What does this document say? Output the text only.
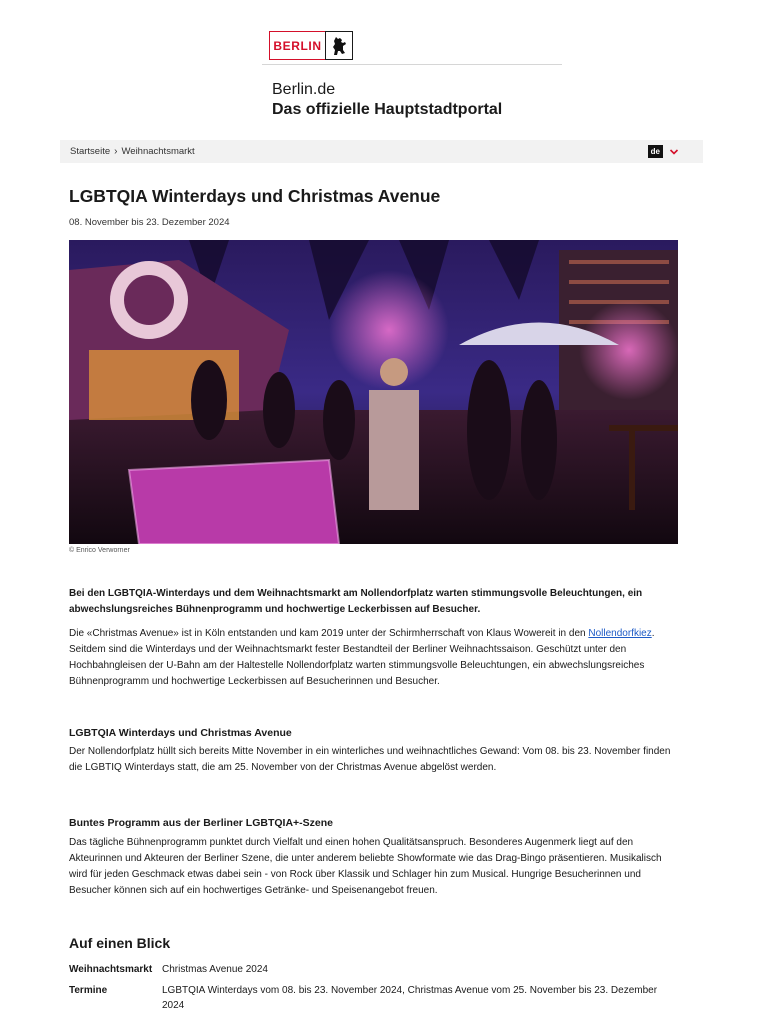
BERLIN
Berlin.de
Das offizielle Hauptstadtportal
Startseite › Weihnachtsmarkt	de
LGBTQIA Winterdays und Christmas Avenue
08. November bis 23. Dezember 2024
© Enrico Verworner

Bei den LGBTQIA-Winterdays und dem Weihnachtsmarkt am Nollendorfplatz warten stimmungsvolle Beleuchtungen, ein abwechslungsreiches Bühnenprogramm und hochwertige Leckerbissen auf Besucher.

Die «Christmas Avenue» ist in Köln entstanden und kam 2019 unter der Schirmherrschaft von Klaus Wowereit in den Nollendorfkiez. Seitdem sind die Winterdays und der Weihnachtsmarkt fester Bestandteil der Berliner Weihnachtssaison. Geschützt unter den Hochbahngleisen der U-Bahn am der Haltestelle Nollendorfplatz warten stimmungsvolle Beleuchtungen, ein abwechslungsreiches Bühnenprogramm und hochwertige Leckerbissen auf Besucherinnen und Besucher.

LGBTQIA Winterdays und Christmas Avenue

Der Nollendorfplatz hüllt sich bereits Mitte November in ein winterliches und weihnachtliches Gewand: Vom 08. bis 23. November finden die LGBTIQ Winterdays statt, die am 25. November von der Christmas Avenue abgelöst werden.

Buntes Programm aus der Berliner LGBTQIA+-Szene

Das tägliche Bühnenprogramm punktet durch Vielfalt und einen hohen Qualitätsanspruch. Besonderes Augenmerk liegt auf den Akteurinnen und Akteuren der Berliner Szene, die unter anderem beliebte Showformate wie das Drag-Bingo präsentieren. Musikalisch wird für jeden Geschmack etwas dabei sein - von Rock über Klassik und Schlager hin zum Musical. Hungrige Besucherinnen und Besucher können sich auf ein hochwertiges Getränke- und Speisenangebot freuen.

Auf einen Blick
Weihnachtsmarkt Christmas Avenue 2024
Termine	LGBTQIA Winterdays vom 08. bis 23. November 2024, Christmas Avenue vom 25. November bis 23. Dezember 2024
